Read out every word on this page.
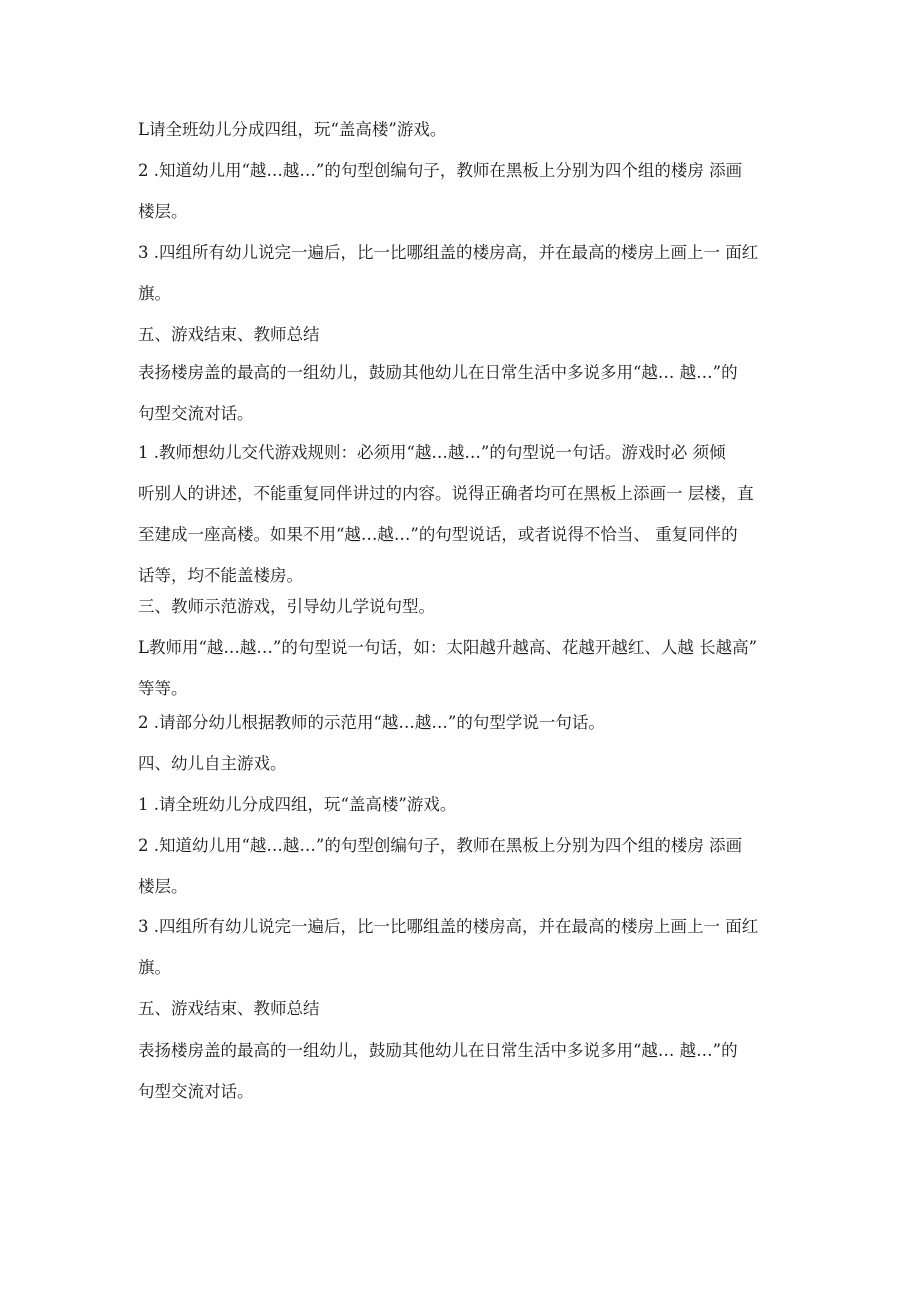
L请全班幼儿分成四组，玩“盖高楼”游戏。

2 .知道幼儿用“越…越…”的句型创编句子，教师在黑板上分别为四个组的楼房 添画
楼层。

3 .四组所有幼儿说完一遍后，比一比哪组盖的楼房高，并在最高的楼房上画上一 面红
旗。

五、游戏结束、教师总结

表扬楼房盖的最高的一组幼儿，鼓励其他幼儿在日常生活中多说多用“越… 越…”的
句型交流对话。

1 .教师想幼儿交代游戏规则：必须用“越…越…”的句型说一句话。游戏时必 须倾
听别人的讲述，不能重复同伴讲过的内容。说得正确者均可在黑板上添画一 层楼，直
至建成一座高楼。如果不用“越…越…”的句型说话，或者说得不恰当、 重复同伴的
话等，均不能盖楼房。

三、教师示范游戏，引导幼儿学说句型。

L教师用“越…越…”的句型说一句话，如：太阳越升越高、花越开越红、人越 长越高”
等等。

2 .请部分幼儿根据教师的示范用“越…越…”的句型学说一句话。

四、幼儿自主游戏。

1 .请全班幼儿分成四组，玩“盖高楼”游戏。

2 .知道幼儿用“越…越…”的句型创编句子，教师在黑板上分别为四个组的楼房 添画
楼层。

3 .四组所有幼儿说完一遍后，比一比哪组盖的楼房高，并在最高的楼房上画上一 面红
旗。

五、游戏结束、教师总结

表扬楼房盖的最高的一组幼儿，鼓励其他幼儿在日常生活中多说多用“越… 越…”的
句型交流对话。
